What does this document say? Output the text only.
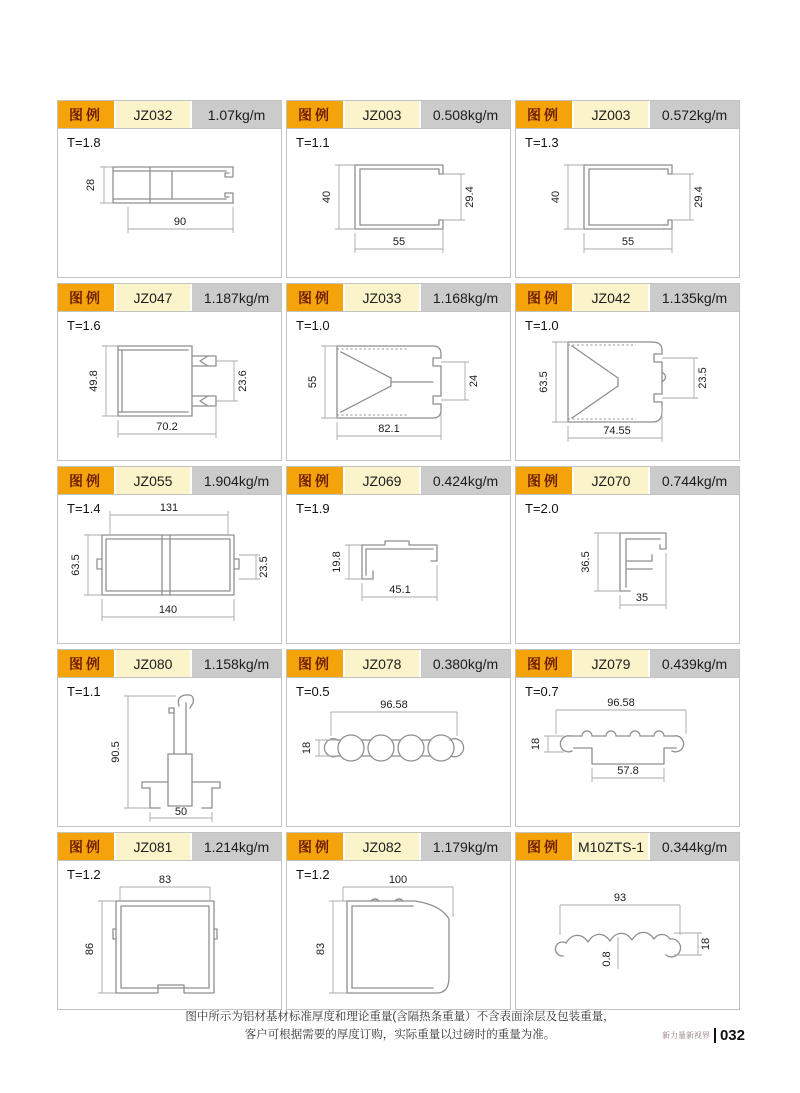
图例	JZ032	1.07kg/m
T=1.8
28
90
图例	JZ003	0.508kg/m
T=1.1
40	29.4
55
图例	JZ003	0.572kg/m
T=1.3
40	29.4
55
图例	JZ047	1.187kg/m
T=1.6
49.8	23.6
70.2
图例	JZ033	1.168kg/m
T=1.0
55	24
82.1
图例	JZ042	1.135kg/m
T=1.0
63.5	23.5
74.55
图例	JZ055	1.904kg/m
T=1.4	131
63.5	23.5
140
图例	JZ069	0.424kg/m
T=1.9
19.8
45.1
图例	JZ070	0.744kg/m
T=2.0
36.5
35
图例	JZ080	1.158kg/m
T=1.1
90.5
50
图例	JZ078	0.380kg/m
T=0.5
96.58
18
图例	JZ079	0.439kg/m
T=0.7
96.58
18
57.8
图例	JZ081	1.214kg/m
T=1.2	83
86
图例	JZ082	1.179kg/m
T=1.2	100
83
图例	M10ZTS-1	0.344kg/m
93
0.8
18
图中所示为铝材基材标准厚度和理论重量(含隔热条重量）不含表面涂层及包装重量，
客户可根据需要的厚度订购，实际重量以过磅时的重量为准。	新力量新视界 032
